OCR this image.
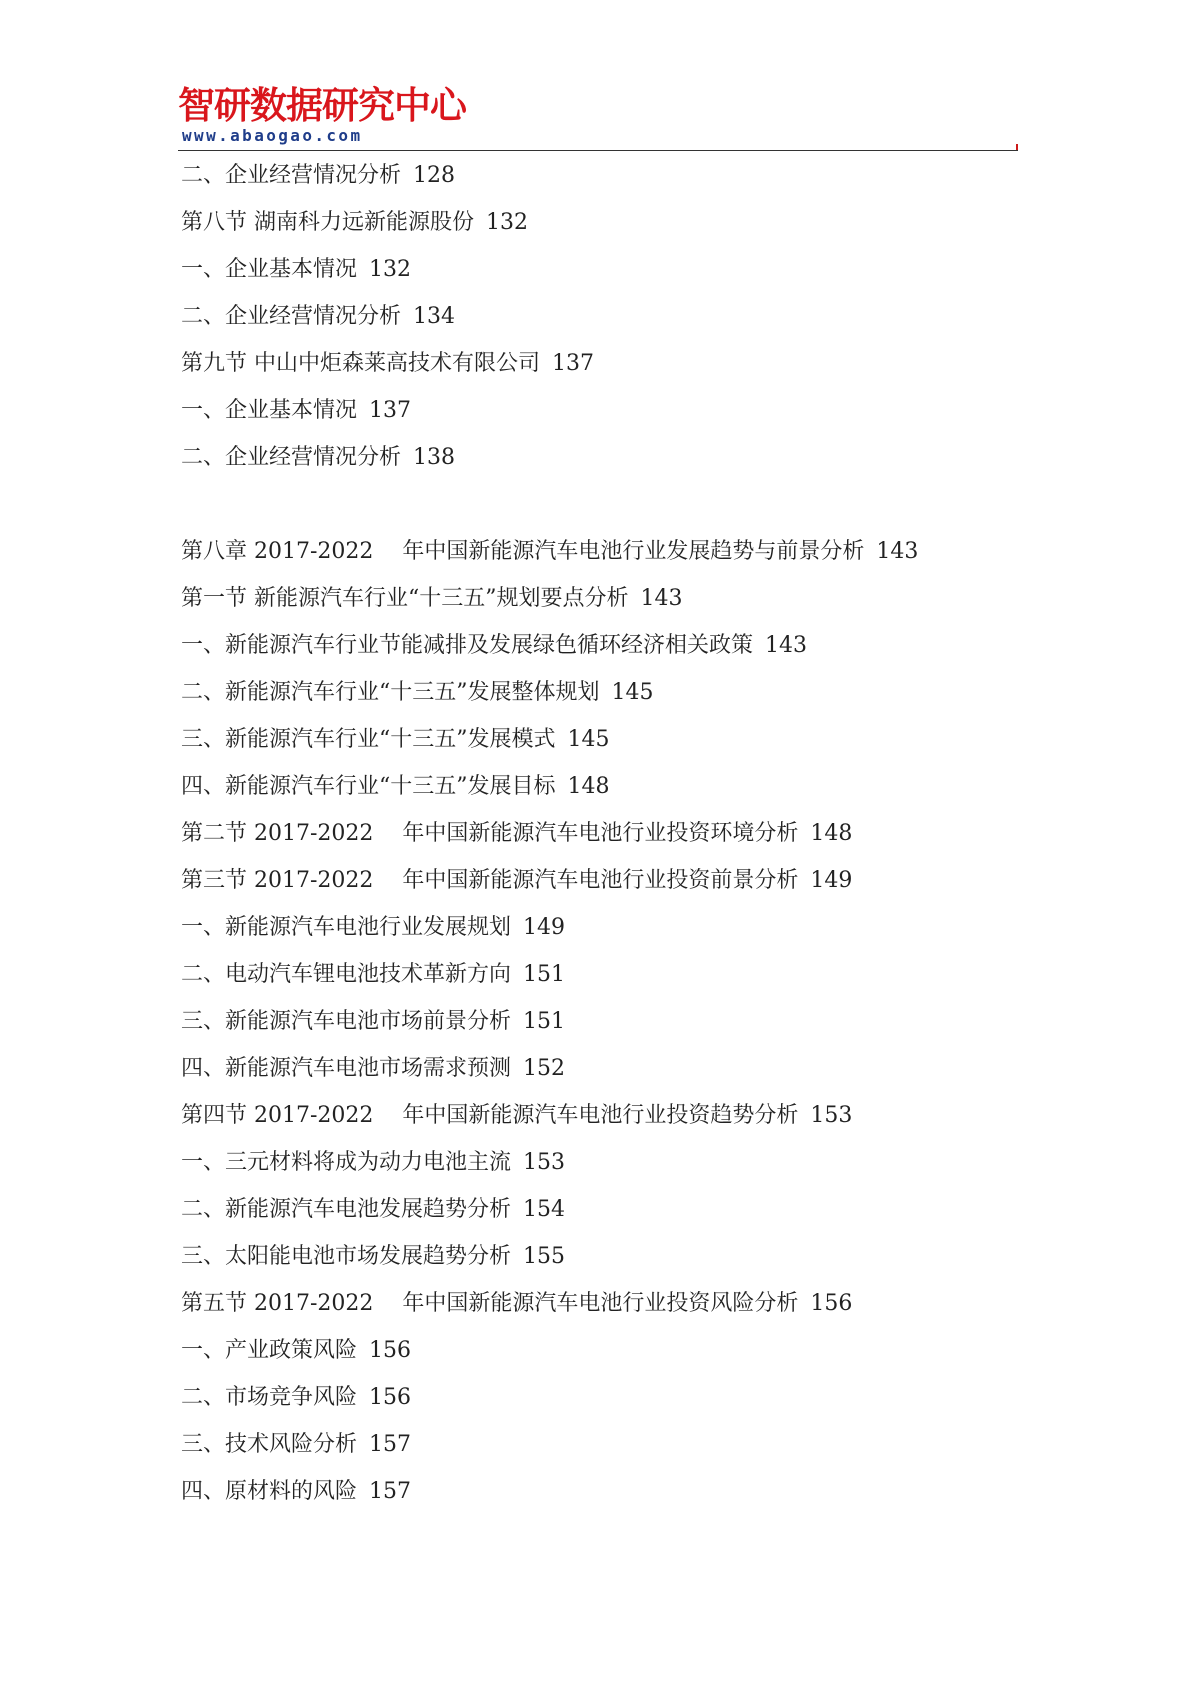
智研数据研究中心
www.abaogao.com
二、企业经营情况分析 128
第八节 湖南科力远新能源股份 132
一、企业基本情况 132
二、企业经营情况分析 134
第九节 中山中炬森莱高技术有限公司 137
一、企业基本情况 137
二、企业经营情况分析 138
第八章 2017-2022　 年中国新能源汽车电池行业发展趋势与前景分析 143
第一节 新能源汽车行业“十三五”规划要点分析 143
一、新能源汽车行业节能减排及发展绿色循环经济相关政策 143
二、新能源汽车行业“十三五”发展整体规划 145
三、新能源汽车行业“十三五”发展模式 145
四、新能源汽车行业“十三五”发展目标 148
第二节 2017-2022　 年中国新能源汽车电池行业投资环境分析 148
第三节 2017-2022　 年中国新能源汽车电池行业投资前景分析 149
一、新能源汽车电池行业发展规划 149
二、电动汽车锂电池技术革新方向 151
三、新能源汽车电池市场前景分析 151
四、新能源汽车电池市场需求预测 152
第四节 2017-2022　 年中国新能源汽车电池行业投资趋势分析 153
一、三元材料将成为动力电池主流 153
二、新能源汽车电池发展趋势分析 154
三、太阳能电池市场发展趋势分析 155
第五节 2017-2022　 年中国新能源汽车电池行业投资风险分析 156
一、产业政策风险 156
二、市场竞争风险 156
三、技术风险分析 157
四、原材料的风险 157
